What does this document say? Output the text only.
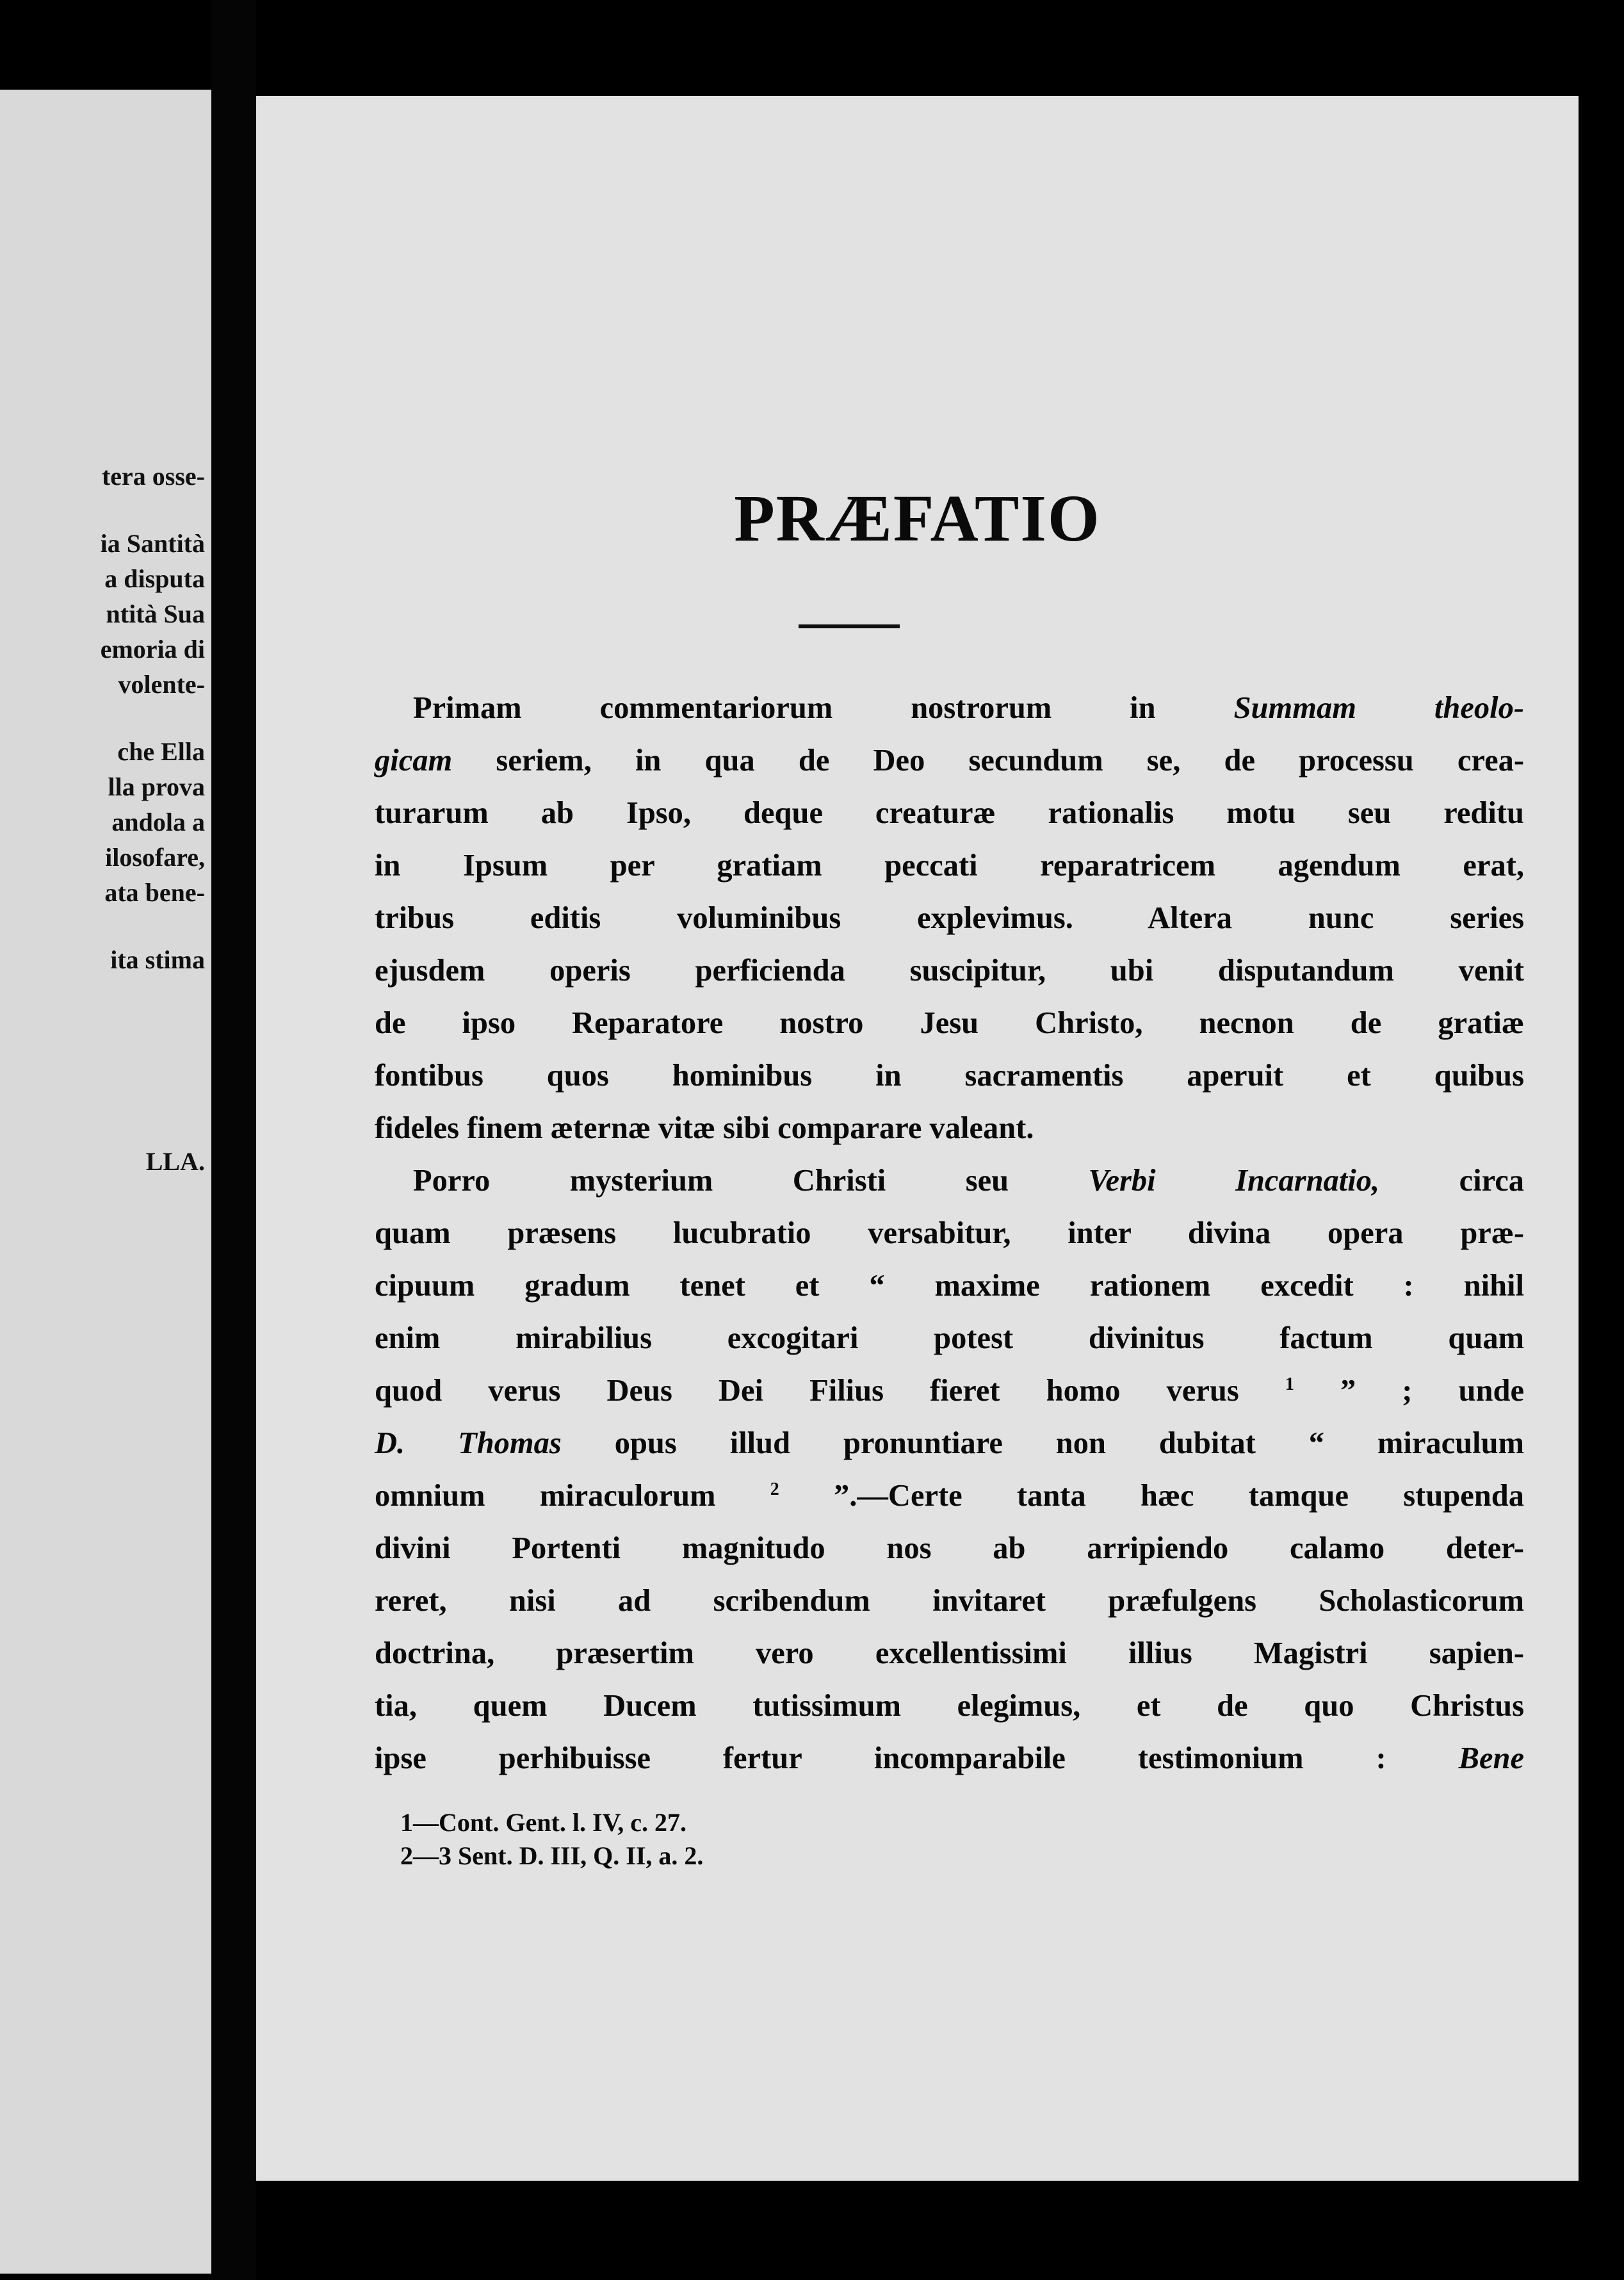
tera osse-
ia Santità
a disputa
ntità Sua
emoria di
volente-
che Ella
lla prova
andola a
ilosofare,
ata bene-
ita stima
LLA.
PRÆFATIO
Primam commentariorum nostrorum in Summam theolo-
gicam seriem, in qua de Deo secundum se, de processu crea-
turarum ab Ipso, deque creaturæ rationalis motu seu reditu
in Ipsum per gratiam peccati reparatricem agendum erat,
tribus editis voluminibus explevimus. Altera nunc series
ejusdem operis perficienda suscipitur, ubi disputandum venit
de ipso Reparatore nostro Jesu Christo, necnon de gratiæ
fontibus quos hominibus in sacramentis aperuit et quibus
fideles finem æternæ vitæ sibi comparare valeant.
Porro mysterium Christi seu Verbi Incarnatio, circa
quam præsens lucubratio versabitur, inter divina opera præ-
cipuum gradum tenet et “ maxime rationem excedit : nihil
enim mirabilius excogitari potest divinitus factum quam
quod verus Deus Dei Filius fieret homo verus $^1$ ” ; unde
D. Thomas opus illud pronuntiare non dubitat “ miraculum
omnium miraculorum $^2$ ”.—Certe tanta hæc tamque stupenda
divini Portenti magnitudo nos ab arripiendo calamo deter-
reret, nisi ad scribendum invitaret præfulgens Scholasticorum
doctrina, præsertim vero excellentissimi illius Magistri sapien-
tia, quem Ducem tutissimum elegimus, et de quo Christus
ipse perhibuisse fertur incomparabile testimonium : Bene
1—Cont. Gent. l. IV, c. 27.
2—3 Sent. D. III, Q. II, a. 2.
